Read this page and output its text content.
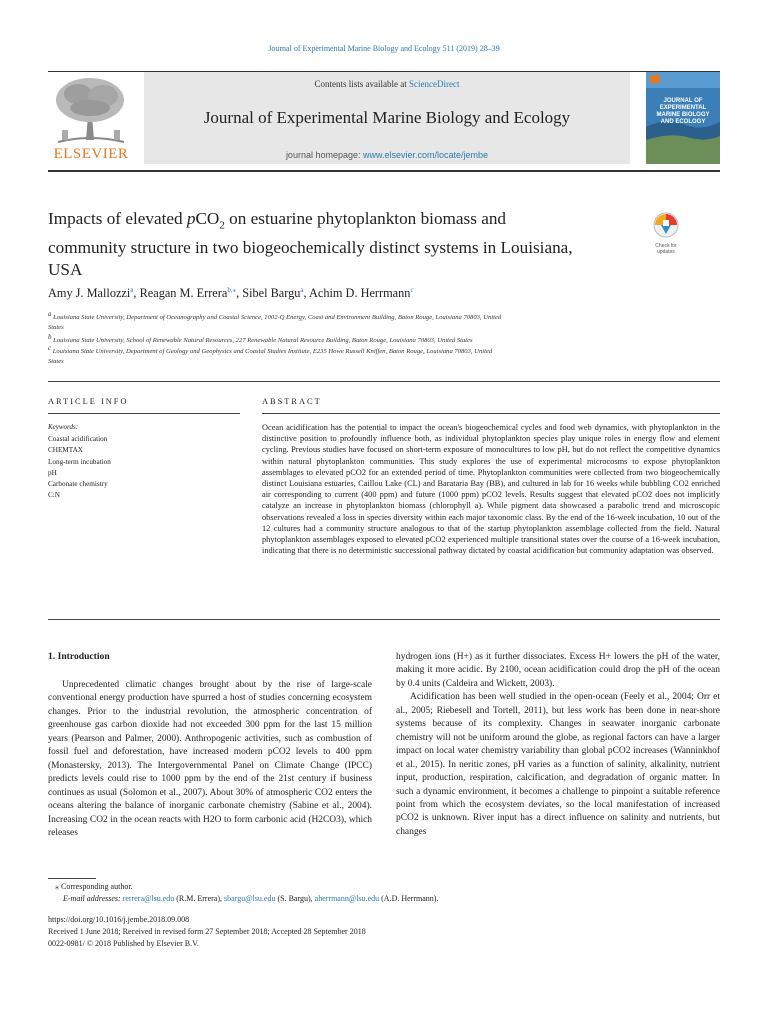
Journal of Experimental Marine Biology and Ecology 511 (2019) 28–39
ELSEVIER
Contents lists available at ScienceDirect
Journal of Experimental Marine Biology and Ecology
journal homepage: www.elsevier.com/locate/jembe
JOURNAL OF EXPERIMENTAL MARINE BIOLOGY AND ECOLOGY
Impacts of elevated pCO$_2$ on estuarine phytoplankton biomass and
community structure in two biogeochemically distinct systems in Louisiana,
USA
Check for
updates
Amy J. Mallozzi$^a$, Reagan M. Errera$^{b,⁎}$, Sibel Bargu$^a$, Achim D. Herrmann$^c$
a Louisiana State University, Department of Oceanography and Coastal Science, 1002-Q Energy, Coast and Environment Building, Baton Rouge, Louisiana 70803, United
States
b Louisiana State University, School of Renewable Natural Resources, 227 Renewable Natural Resource Building, Baton Rouge, Louisiana 70803, United States
c Louisiana State University, Department of Geology and Geophysics and Coastal Studies Institute, E235 Howe Russell Kniffen, Baton Rouge, Louisiana 70803, United
States
ARTICLE INFO	ABSTRACT
Keywords:
Coastal acidification
CHEMTAX
Long-term incubation
pH
Carbonate chemistry
C:N
Ocean acidification has the potential to impact the ocean's biogeochemical cycles and food web dynamics, with phytoplankton in the distinctive position to profoundly influence both, as individual phytoplankton species play unique roles in energy flow and element cycling. Previous studies have focused on short-term exposure of monocultures to low pH, but do not reflect the competitive dynamics within natural phytoplankton communities. This study explores the use of experimental microcosms to expose phytoplankton assemblages to elevated pCO2 for an extended period of time. Phytoplankton communities were collected from two biogeochemically distinct Louisiana estuaries, Caillou Lake (CL) and Barataria Bay (BB), and cultured in lab for 16 weeks while bubbling CO2 enriched air corresponding to current (400 ppm) and future (1000 ppm) pCO2 levels. Results suggest that elevated pCO2 does not implicitly catalyze an increase in phytoplankton biomass (chlorophyll a). While pigment data showcased a parabolic trend and microscopic observations revealed a loss in species diversity within each major taxonomic class. By the end of the 16-week incubation, 10 out of the 12 cultures had a community structure analogous to that of the startup phytoplankton assemblage collected from the field. Natural phytoplankton assemblages exposed to elevated pCO2 experienced multiple transitional states over the course of a 16-week incubation, indicating that there is no deterministic successional pathway dictated by coastal acidification but community adaptation was observed.
1. Introduction

Unprecedented climatic changes brought about by the rise of large-scale conventional energy production have spurred a host of studies concerning ecosystem changes. Prior to the industrial revolution, the atmospheric concentration of greenhouse gas carbon dioxide had not exceeded 300 ppm for the last 15 million years (Pearson and Palmer, 2000). Anthropogenic activities, such as combustion of fossil fuel and deforestation, have increased modern pCO2 levels to 400 ppm (Monastersky, 2013). The Intergovernmental Panel on Climate Change (IPCC) predicts levels could rise to 1000 ppm by the end of the 21st century if business continues as usual (Solomon et al., 2007). About 30% of atmospheric CO2 enters the oceans altering the balance of inorganic carbonate chemistry (Sabine et al., 2004). Increasing CO2 in the ocean reacts with H2O to form carbonic acid (H2CO3), which releases

hydrogen ions (H+) as it further dissociates. Excess H+ lowers the pH of the water, making it more acidic. By 2100, ocean acidification could drop the pH of the ocean by 0.4 units (Caldeira and Wickett, 2003).

Acidification has been well studied in the open-ocean (Feely et al., 2004; Orr et al., 2005; Riebesell and Tortell, 2011), but less work has been done in near-shore systems because of its complexity. Changes in seawater inorganic carbonate chemistry will not be uniform around the globe, as regional factors can have a larger impact on local water chemistry variability than global pCO2 increases (Wanninkhof et al., 2015). In neritic zones, pH varies as a function of salinity, alkalinity, nutrient input, production, respiration, calcification, and degradation of organic matter. In such a dynamic environment, it becomes a challenge to pinpoint a suitable reference point from which the ecosystem deviates, so the local manifestation of increased pCO2 is unknown. River input has a direct influence on salinity and nutrients, but changes

⁎ Corresponding author.
E-mail addresses: rerrera@lsu.edu (R.M. Errera), sbargu@lsu.edu (S. Bargu), aherrmann@lsu.edu (A.D. Herrmann).
https://doi.org/10.1016/j.jembe.2018.09.008
Received 1 June 2018; Received in revised form 27 September 2018; Accepted 28 September 2018
0022-0981/ © 2018 Published by Elsevier B.V.
